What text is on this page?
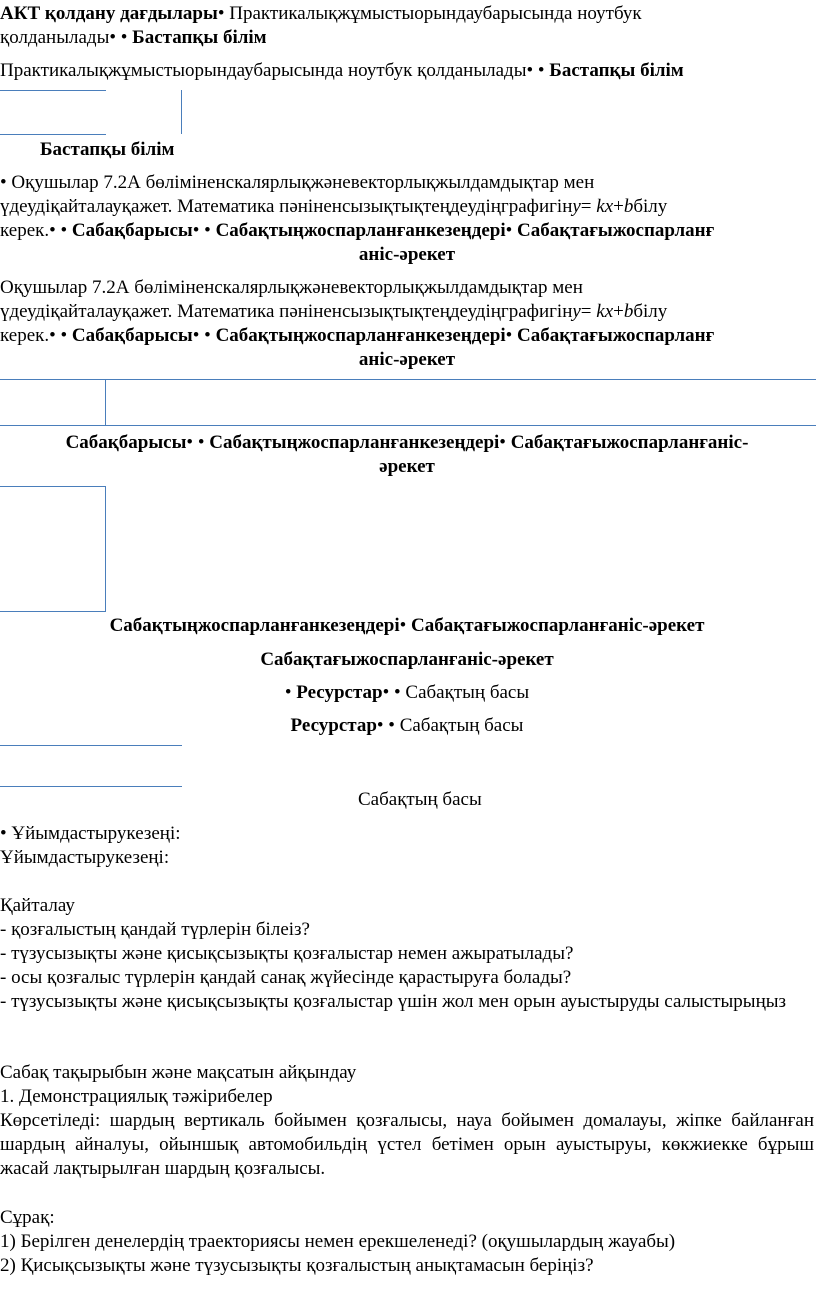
АКТ қолдану дағдылары• Практикалықжұмыстыорындаубарысында ноутбук
қолданылады• • Бастапқы білім
Практикалықжұмыстыорындаубарысында ноутбук қолданылады• • Бастапқы білім
Бастапқы білім
• Оқушылар 7.2А бөліміненскалярлықжәневекторлықжылдамдықтар мен
үдеудіқайталауқажет. Математика пәніненсызықтықтеңдеудіңграфигінy= kx+bбілу
керек.• • Сабақбарысы• • Сабақтыңжоспарланғанкезеңдері• Сабақтағыжоспарланғ
аніс-әрекет
Оқушылар 7.2А бөліміненскалярлықжәневекторлықжылдамдықтар мен
үдеудіқайталауқажет. Математика пәніненсызықтықтеңдеудіңграфигінy= kx+bбілу
керек.• • Сабақбарысы• • Сабақтыңжоспарланғанкезеңдері• Сабақтағыжоспарланғ
аніс-әрекет
Сабақбарысы• • Сабақтыңжоспарланғанкезеңдері• Сабақтағыжоспарланғаніс-
әрекет
Сабақтыңжоспарланғанкезеңдері• Сабақтағыжоспарланғаніс-әрекет
Сабақтағыжоспарланғаніс-әрекет
• Ресурстар• • Сабақтың басы
Ресурстар• • Сабақтың басы
Сабақтың басы
• Ұйымдастырукезеңі:
Ұйымдастырукезеңі:
Қайталау
- қозғалыстың қандай түрлерін білеіз?
- түзусызықты және қисықсызықты қозғалыстар немен ажыратылады?
- осы қозғалыс түрлерін қандай санақ жүйесінде қарастыруға болады?
- түзусызықты және қисықсызықты қозғалыстар үшін жол мен орын ауыстыруды салыстырыңыз
Сабақ тақырыбын және мақсатын айқындау
1. Демонстрациялық тәжірибелер
Көрсетіледі: шардың вертикаль бойымен қозғалысы, науа бойымен домалауы, жіпке байланған шардың айналуы, ойыншық автомобильдің үстел бетімен орын ауыстыруы, көкжиекке бұрыш жасай лақтырылған шардың қозғалысы.
Сұрақ:
1) Берілген денелердің траекториясы немен ерекшеленеді? (оқушылардың жауабы)
2) Қисықсызықты және түзусызықты қозғалыстың анықтамасын беріңіз?
